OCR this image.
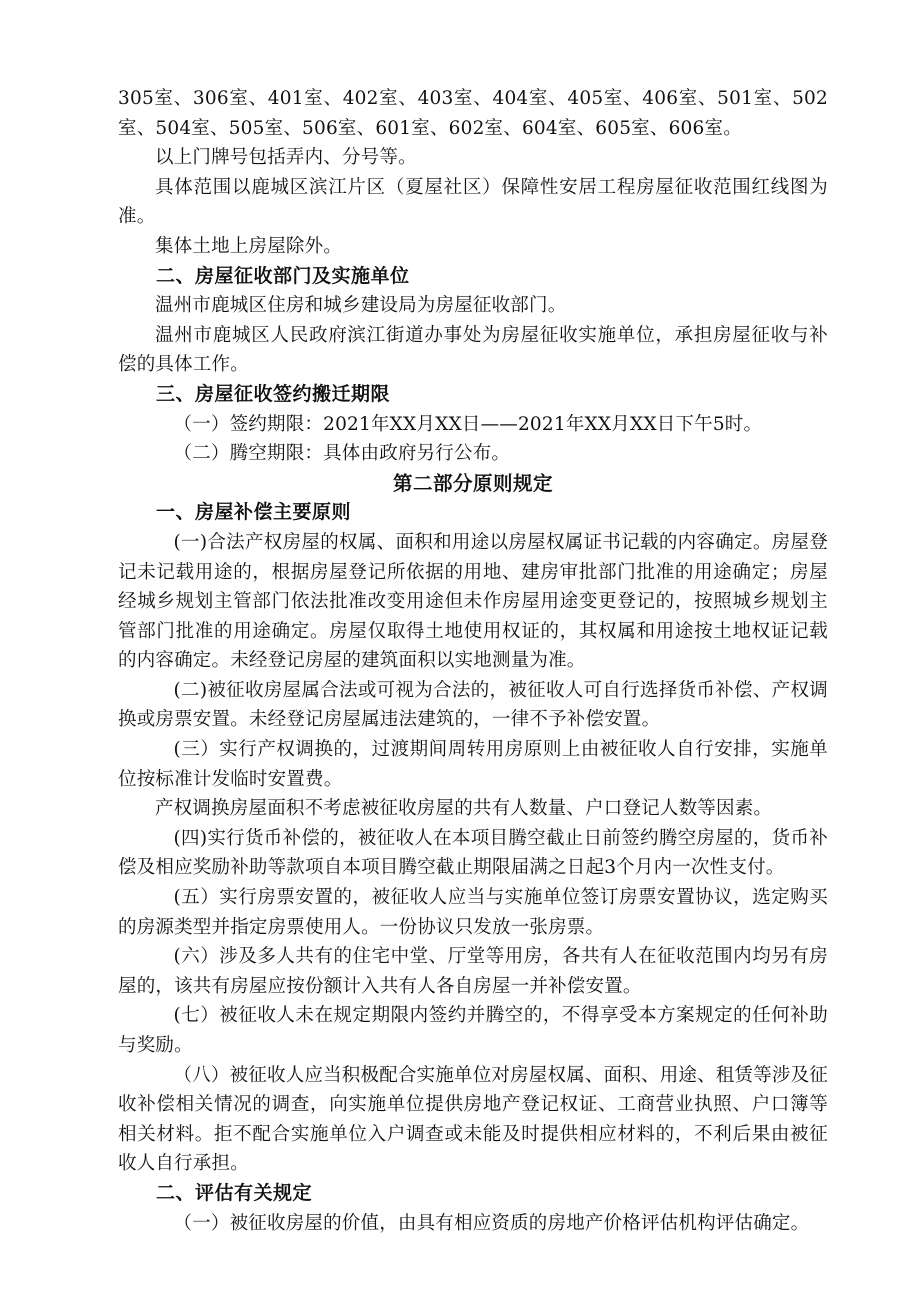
305室、306室、401室、402室、403室、404室、405室、406室、501室、502室、504室、505室、506室、601室、602室、604室、605室、606室。

以上门牌号包括弄内、分号等。

具体范围以鹿城区滨江片区（夏屋社区）保障性安居工程房屋征收范围红线图为准。

集体土地上房屋除外。

二、房屋征收部门及实施单位

温州市鹿城区住房和城乡建设局为房屋征收部门。

温州市鹿城区人民政府滨江街道办事处为房屋征收实施单位，承担房屋征收与补偿的具体工作。

三、房屋征收签约搬迁期限

（一）签约期限：2021年XX月XX日——2021年XX月XX日下午5时。

（二）腾空期限：具体由政府另行公布。

第二部分原则规定

一、房屋补偿主要原则

(一)合法产权房屋的权属、面积和用途以房屋权属证书记载的内容确定。房屋登记未记载用途的，根据房屋登记所依据的用地、建房审批部门批准的用途确定；房屋经城乡规划主管部门依法批准改变用途但未作房屋用途变更登记的，按照城乡规划主管部门批准的用途确定。房屋仅取得土地使用权证的，其权属和用途按土地权证记载的内容确定。未经登记房屋的建筑面积以实地测量为准。

(二)被征收房屋属合法或可视为合法的，被征收人可自行选择货币补偿、产权调换或房票安置。未经登记房屋属违法建筑的，一律不予补偿安置。

(三）实行产权调换的，过渡期间周转用房原则上由被征收人自行安排，实施单位按标准计发临时安置费。

产权调换房屋面积不考虑被征收房屋的共有人数量、户口登记人数等因素。

(四)实行货币补偿的，被征收人在本项目腾空截止日前签约腾空房屋的，货币补偿及相应奖励补助等款项自本项目腾空截止期限届满之日起3个月内一次性支付。

(五）实行房票安置的，被征收人应当与实施单位签订房票安置协议，选定购买的房源类型并指定房票使用人。一份协议只发放一张房票。

(六）涉及多人共有的住宅中堂、厅堂等用房，各共有人在征收范围内均另有房屋的，该共有房屋应按份额计入共有人各自房屋一并补偿安置。

(七）被征收人未在规定期限内签约并腾空的，不得享受本方案规定的任何补助与奖励。

（八）被征收人应当积极配合实施单位对房屋权属、面积、用途、租赁等涉及征收补偿相关情况的调查，向实施单位提供房地产登记权证、工商营业执照、户口簿等相关材料。拒不配合实施单位入户调查或未能及时提供相应材料的，不利后果由被征收人自行承担。

二、评估有关规定

（一）被征收房屋的价值，由具有相应资质的房地产价格评估机构评估确定。
